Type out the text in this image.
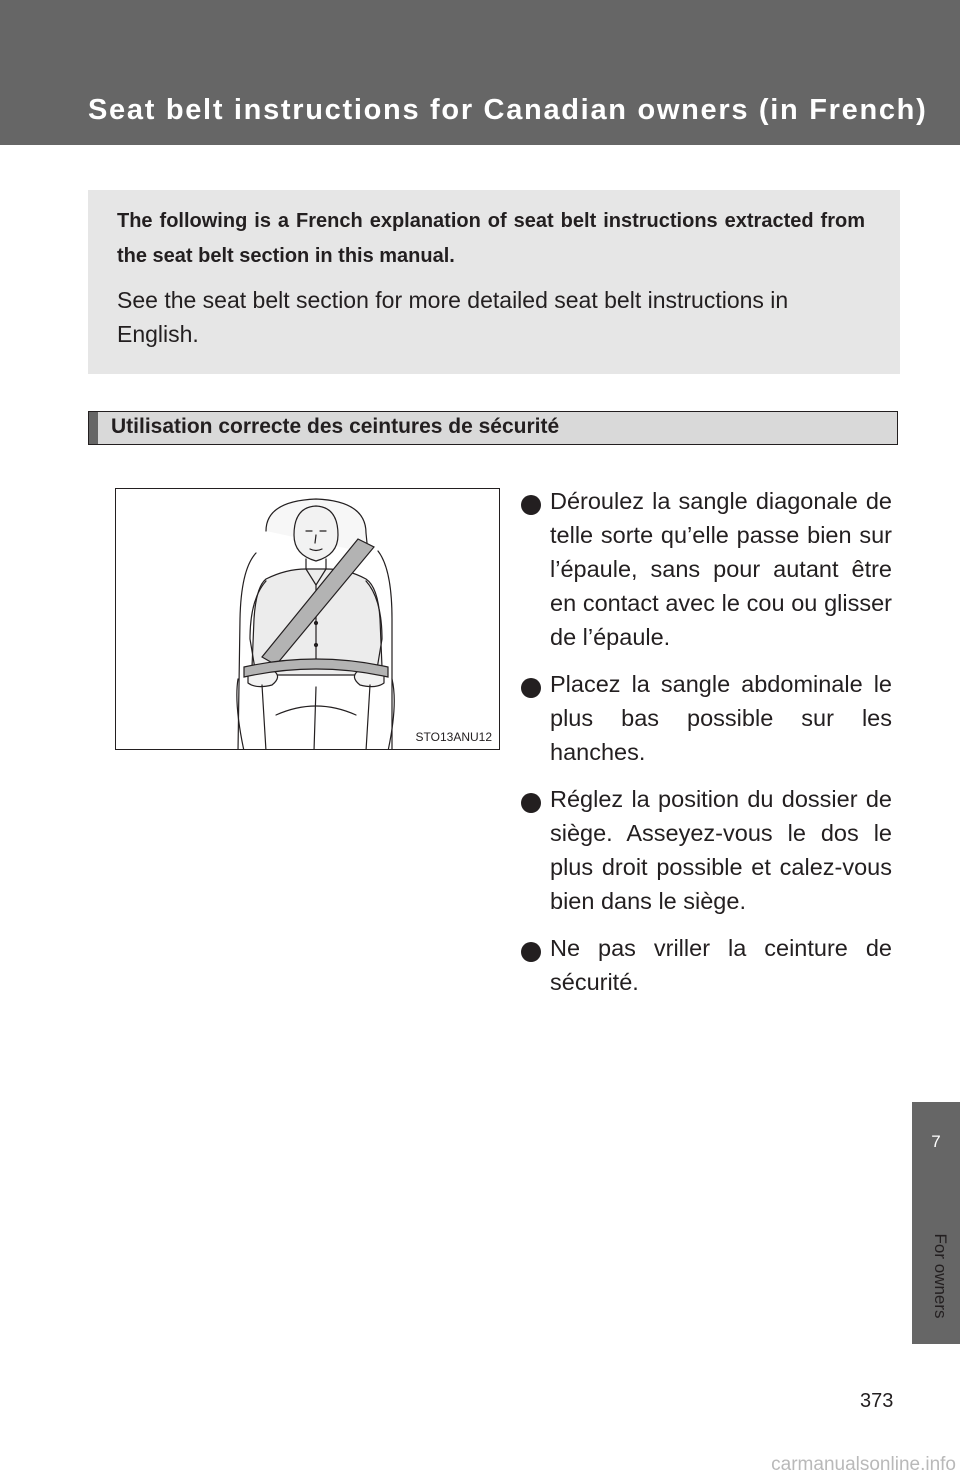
Seat belt instructions for Canadian owners (in French)

The following is a French explanation of seat belt instructions extracted from the seat belt section in this manual.

See the seat belt section for more detailed seat belt instructions in English.

Utilisation correcte des ceintures de sécurité
STO13ANU12
Déroulez la sangle diagonale de telle sorte qu’elle passe bien sur l’épaule, sans pour autant être en contact avec le cou ou glisser de l’épaule.
Placez la sangle abdominale le plus bas possible sur les hanches.
Réglez la position du dossier de siège. Asseyez-vous le dos le plus droit possible et calez-vous bien dans le siège.
Ne pas vriller la ceinture de sécurité.
7
For owners
373
carmanualsonline.info
